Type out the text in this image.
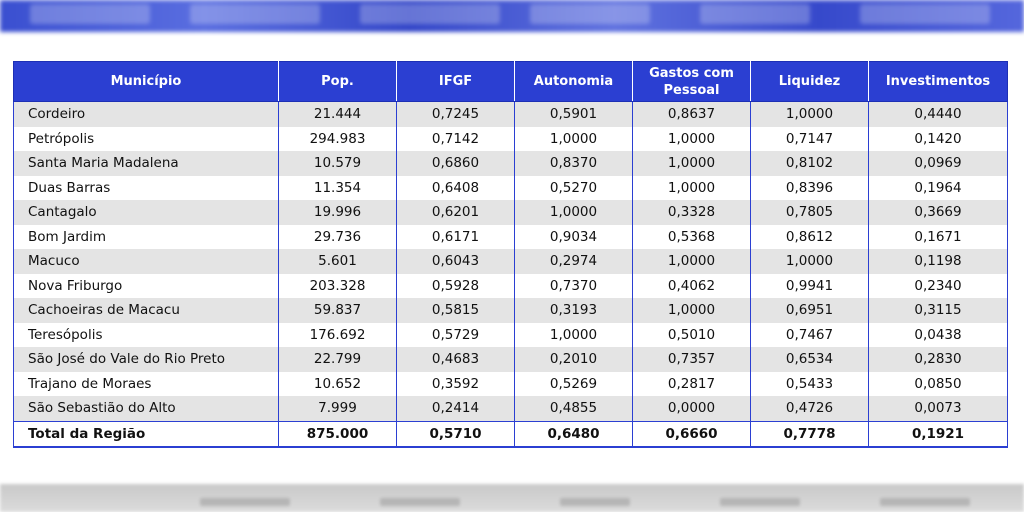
Município	Pop.	IFGF	Autonomia	Gastos com Pessoal	Liquidez	Investimentos
Cordeiro	21.444	0,7245	0,5901	0,8637	1,0000	0,4440
Petrópolis	294.983	0,7142	1,0000	1,0000	0,7147	0,1420
Santa Maria Madalena	10.579	0,6860	0,8370	1,0000	0,8102	0,0969
Duas Barras	11.354	0,6408	0,5270	1,0000	0,8396	0,1964
Cantagalo	19.996	0,6201	1,0000	0,3328	0,7805	0,3669
Bom Jardim	29.736	0,6171	0,9034	0,5368	0,8612	0,1671
Macuco	5.601	0,6043	0,2974	1,0000	1,0000	0,1198
Nova Friburgo	203.328	0,5928	0,7370	0,4062	0,9941	0,2340
Cachoeiras de Macacu	59.837	0,5815	0,3193	1,0000	0,6951	0,3115
Teresópolis	176.692	0,5729	1,0000	0,5010	0,7467	0,0438
São José do Vale do Rio Preto	22.799	0,4683	0,2010	0,7357	0,6534	0,2830
Trajano de Moraes	10.652	0,3592	0,5269	0,2817	0,5433	0,0850
São Sebastião do Alto	7.999	0,2414	0,4855	0,0000	0,4726	0,0073
Total da Região	875.000	0,5710	0,6480	0,6660	0,7778	0,1921
